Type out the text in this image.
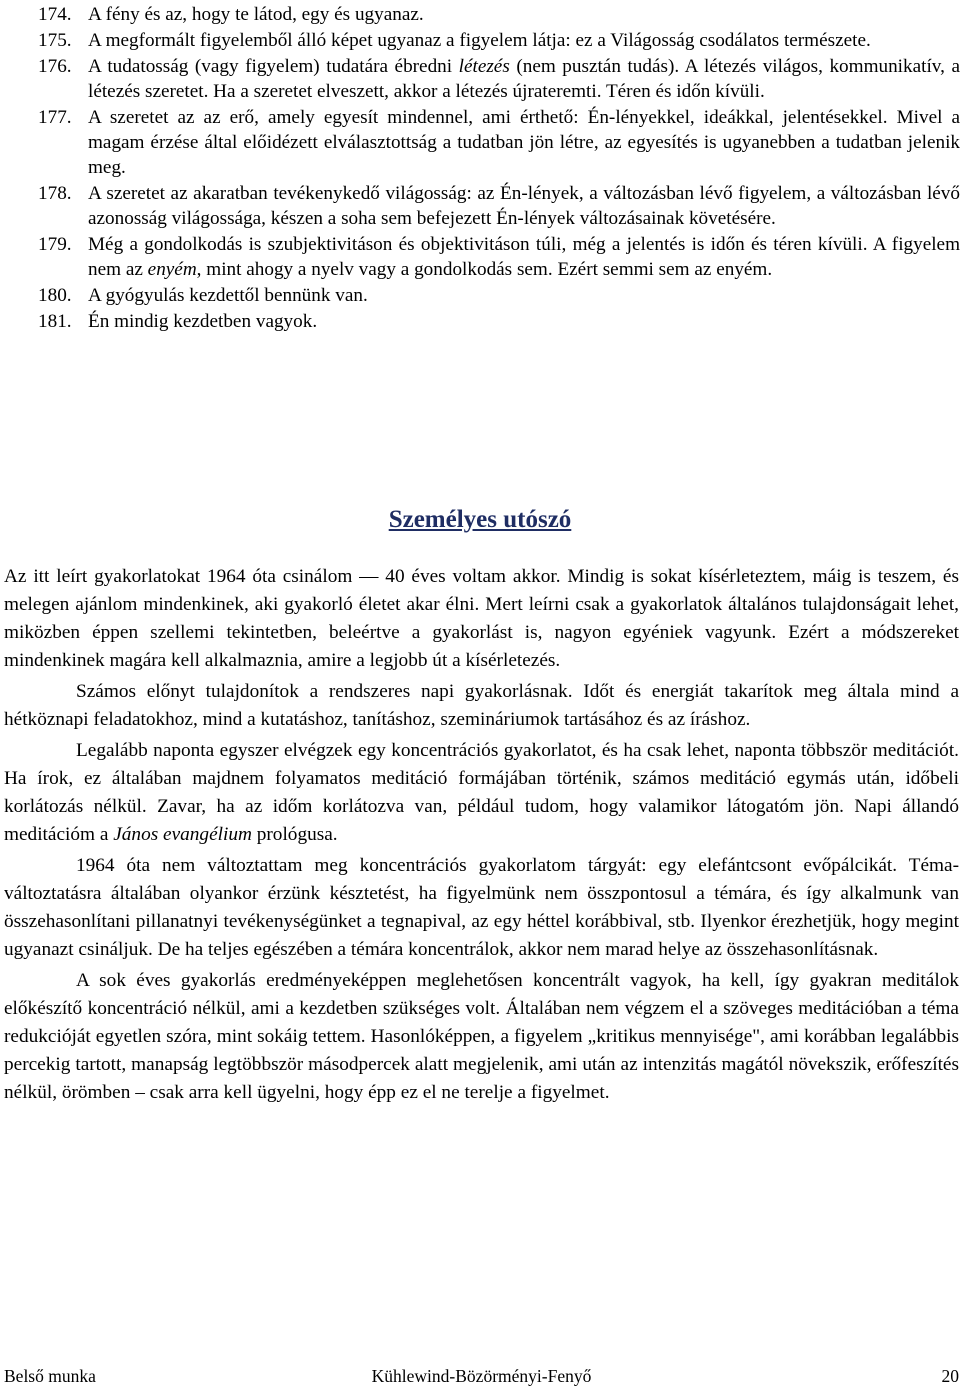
174. A fény és az, hogy te látod, egy és ugyanaz.
175. A megformált figyelemből álló képet ugyanaz a figyelem látja: ez a Világosság csodálatos természete.
176. A tudatosság (vagy figyelem) tudatára ébredni létezés (nem pusztán tudás). A létezés világos, kommunikatív, a létezés szeretet. Ha a szeretet elveszett, akkor a létezés újrateremti. Téren és időn kívüli.
177. A szeretet az az erő, amely egyesít mindennel, ami érthető: Én-lényekkel, ideákkal, jelentésekkel. Mivel a magam érzése által előidézett elválasztottság a tudatban jön létre, az egyesítés is ugyanebben a tudatban jelenik meg.
178. A szeretet az akaratban tevékenykedő világosság: az Én-lények, a változásban lévő figyelem, a változásban lévő azonosság világossága, készen a soha sem befejezett Én-lények változásainak követésére.
179. Még a gondolkodás is szubjektivitáson és objektivitáson túli, még a jelentés is időn és téren kívüli. A figyelem nem az enyém, mint ahogy a nyelv vagy a gondolkodás sem. Ezért semmi sem az enyém.
180. A gyógyulás kezdettől bennünk van.
181. Én mindig kezdetben vagyok.
Személyes utószó

Az itt leírt gyakorlatokat 1964 óta csinálom — 40 éves voltam akkor. Mindig is sokat kísérleteztem, máig is teszem, és melegen ajánlom mindenkinek, aki gyakorló életet akar élni. Mert leírni csak a gyakorlatok általános tulajdonságait lehet, miközben éppen szellemi tekintetben, beleértve a gyakorlást is, nagyon egyéniek vagyunk. Ezért a módszereket mindenkinek magára kell alkalmaznia, amire a legjobb út a kísérletezés.

Számos előnyt tulajdonítok a rendszeres napi gyakorlásnak. Időt és energiát takarítok meg általa mind a hétköznapi feladatokhoz, mind a kutatáshoz, tanításhoz, szemináriumok tartásához és az íráshoz.

Legalább naponta egyszer elvégzek egy koncentrációs gyakorlatot, és ha csak lehet, naponta többször meditációt. Ha írok, ez általában majdnem folyamatos meditáció formájában történik, számos meditáció egymás után, időbeli korlátozás nélkül. Zavar, ha az időm korlátozva van, például tudom, hogy valamikor látogatóm jön. Napi állandó meditációm a János evangélium prológusa.

1964 óta nem változtattam meg koncentrációs gyakorlatom tárgyát: egy elefántcsont evőpálcikát. Téma-változtatásra általában olyankor érzünk késztetést, ha figyelmünk nem összpontosul a témára, és így alkalmunk van összehasonlítani pillanatnyi tevékenységünket a tegnapival, az egy héttel korábbival, stb. Ilyenkor érezhetjük, hogy megint ugyanazt csináljuk. De ha teljes egészében a témára koncentrálok, akkor nem marad helye az összehasonlításnak.

A sok éves gyakorlás eredményeképpen meglehetősen koncentrált vagyok, ha kell, így gyakran meditálok előkészítő koncentráció nélkül, ami a kezdetben szükséges volt. Általában nem végzem el a szöveges meditációban a téma redukcióját egyetlen szóra, mint sokáig tettem. Hasonlóképpen, a figyelem „kritikus mennyisége", ami korábban legalábbis percekig tartott, manapság legtöbbször másodpercek alatt megjelenik, ami után az intenzitás magától növekszik, erőfeszítés nélkül, örömben – csak arra kell ügyelni, hogy épp ez el ne terelje a figyelmet.

Kühlewind-Bözörményi-Fenyő
Belső munka	20
